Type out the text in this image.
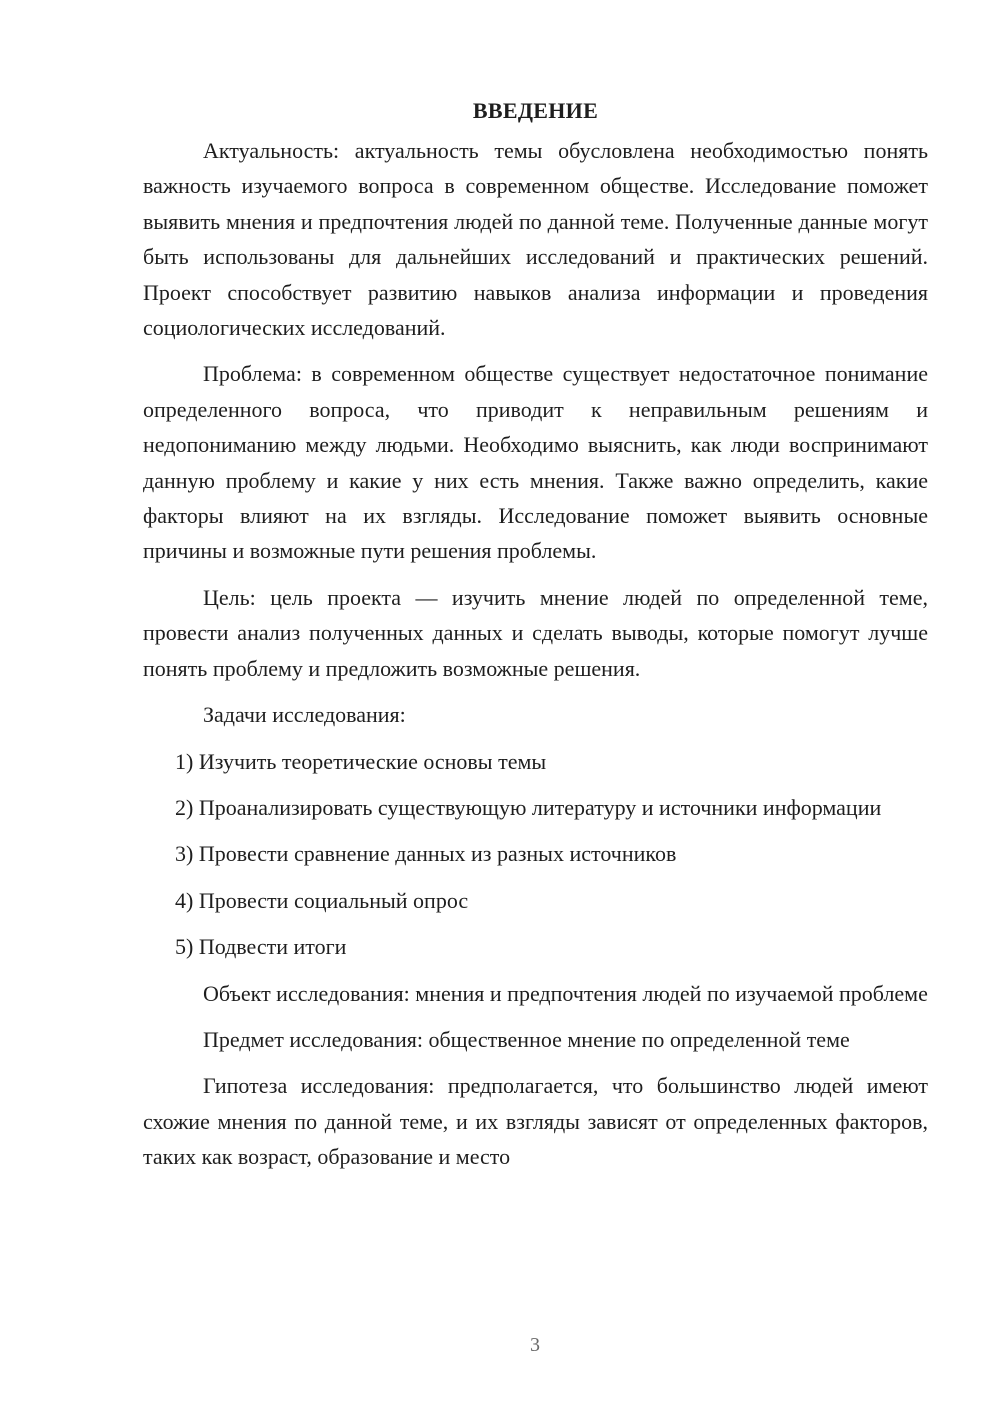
ВВЕДЕНИЕ

Актуальность: актуальность темы обусловлена необходимостью понять важность изучаемого вопроса в современном обществе. Исследование поможет выявить мнения и предпочтения людей по данной теме. Полученные данные могут быть использованы для дальнейших исследований и практических решений. Проект способствует развитию навыков анализа информации и проведения социологических исследований.

Проблема: в современном обществе существует недостаточное понимание определенного вопроса, что приводит к неправильным решениям и недопониманию между людьми. Необходимо выяснить, как люди воспринимают данную проблему и какие у них есть мнения. Также важно определить, какие факторы влияют на их взгляды. Исследование поможет выявить основные причины и возможные пути решения проблемы.

Цель: цель проекта — изучить мнение людей по определенной теме, провести анализ полученных данных и сделать выводы, которые помогут лучше понять проблему и предложить возможные решения.

Задачи исследования:

1) Изучить теоретические основы темы

2) Проанализировать существующую литературу и источники информации

3) Провести сравнение данных из разных источников

4) Провести социальный опрос

5) Подвести итоги

Объект исследования: мнения и предпочтения людей по изучаемой проблеме

Предмет исследования: общественное мнение по определенной теме

Гипотеза исследования: предполагается, что большинство людей имеют схожие мнения по данной теме, и их взгляды зависят от определенных факторов, таких как возраст, образование и место

3
